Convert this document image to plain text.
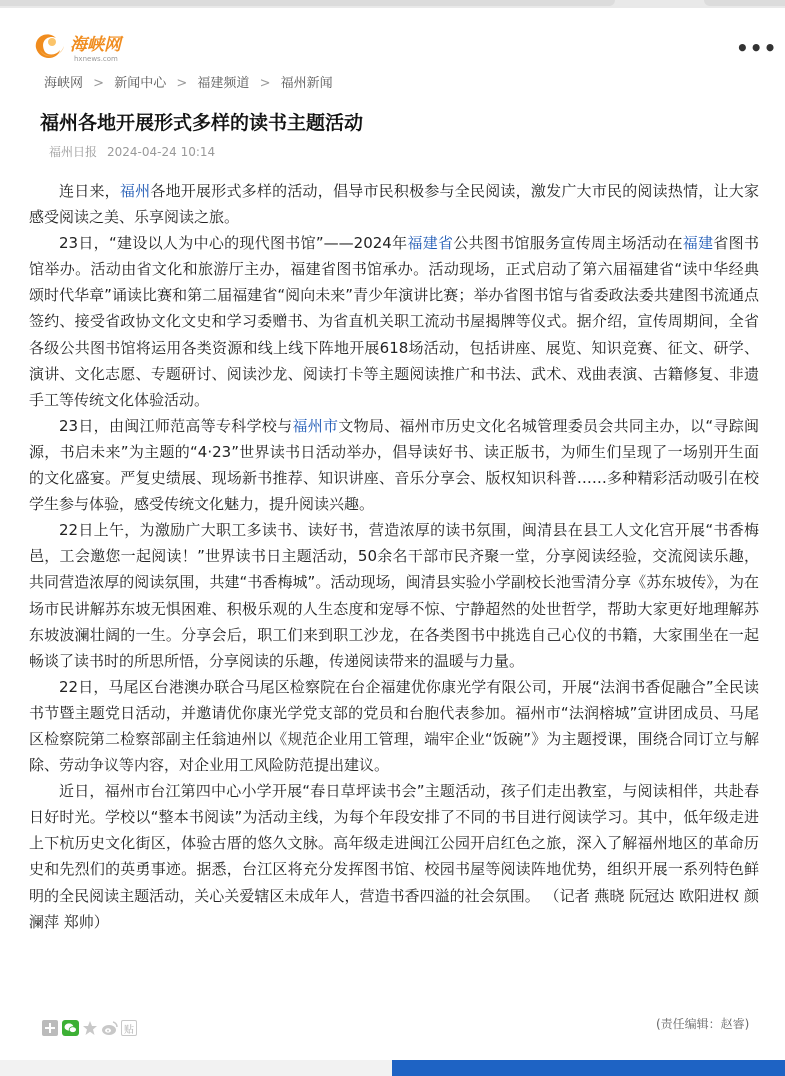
海峡网
hxnews.com	•••
海峡网 > 新闻中心 > 福建频道 > 福州新闻
福州各地开展形式多样的读书主题活动
福州日报 2024-04-24 10:14

连日来，福州各地开展形式多样的活动，倡导市民积极参与全民阅读，激发广大市民的阅读热情，让大家感受阅读之美、乐享阅读之旅。

23日，“建设以人为中心的现代图书馆”——2024年福建省公共图书馆服务宣传周主场活动在福建省图书馆举办。活动由省文化和旅游厅主办，福建省图书馆承办。活动现场，正式启动了第六届福建省“读中华经典 颂时代华章”诵读比赛和第二届福建省“阅向未来”青少年演讲比赛；举办省图书馆与省委政法委共建图书流通点签约、接受省政协文化文史和学习委赠书、为省直机关职工流动书屋揭牌等仪式。据介绍，宣传周期间，全省各级公共图书馆将运用各类资源和线上线下阵地开展618场活动，包括讲座、展览、知识竞赛、征文、研学、演讲、文化志愿、专题研讨、阅读沙龙、阅读打卡等主题阅读推广和书法、武术、戏曲表演、古籍修复、非遗手工等传统文化体验活动。

23日，由闽江师范高等专科学校与福州市文物局、福州市历史文化名城管理委员会共同主办，以“寻踪闽源，书启未来”为主题的“4·23”世界读书日活动举办，倡导读好书、读正版书，为师生们呈现了一场别开生面的文化盛宴。严复史绩展、现场新书推荐、知识讲座、音乐分享会、版权知识科普……多种精彩活动吸引在校学生参与体验，感受传统文化魅力，提升阅读兴趣。

22日上午，为激励广大职工多读书、读好书，营造浓厚的读书氛围，闽清县在县工人文化宫开展“书香梅邑，工会邀您一起阅读！”世界读书日主题活动，50余名干部市民齐聚一堂，分享阅读经验，交流阅读乐趣，共同营造浓厚的阅读氛围，共建“书香梅城”。活动现场，闽清县实验小学副校长池雪清分享《苏东坡传》，为在场市民讲解苏东坡无惧困难、积极乐观的人生态度和宠辱不惊、宁静超然的处世哲学，帮助大家更好地理解苏东坡波澜壮阔的一生。分享会后，职工们来到职工沙龙，在各类图书中挑选自己心仪的书籍，大家围坐在一起畅谈了读书时的所思所悟，分享阅读的乐趣，传递阅读带来的温暖与力量。

22日，马尾区台港澳办联合马尾区检察院在台企福建优你康光学有限公司，开展“法润书香促融合”全民读书节暨主题党日活动，并邀请优你康光学党支部的党员和台胞代表参加。福州市“法润榕城”宣讲团成员、马尾区检察院第二检察部副主任翁迪州以《规范企业用工管理，端牢企业“饭碗”》为主题授课，围绕合同订立与解除、劳动争议等内容，对企业用工风险防范提出建议。

近日，福州市台江第四中心小学开展“春日草坪读书会”主题活动，孩子们走出教室，与阅读相伴，共赴春日好时光。学校以“整本书阅读”为活动主线，为每个年段安排了不同的书目进行阅读学习。其中，低年级走进上下杭历史文化街区，体验古厝的悠久文脉。高年级走进闽江公园开启红色之旅，深入了解福州地区的革命历史和先烈们的英勇事迹。据悉，台江区将充分发挥图书馆、校园书屋等阅读阵地优势，组织开展一系列特色鲜明的全民阅读主题活动，关心关爱辖区未成年人，营造书香四溢的社会氛围。 （记者 燕晓 阮冠达 欧阳进权 颜澜萍 郑帅）

贴	(责任编辑：赵睿)
